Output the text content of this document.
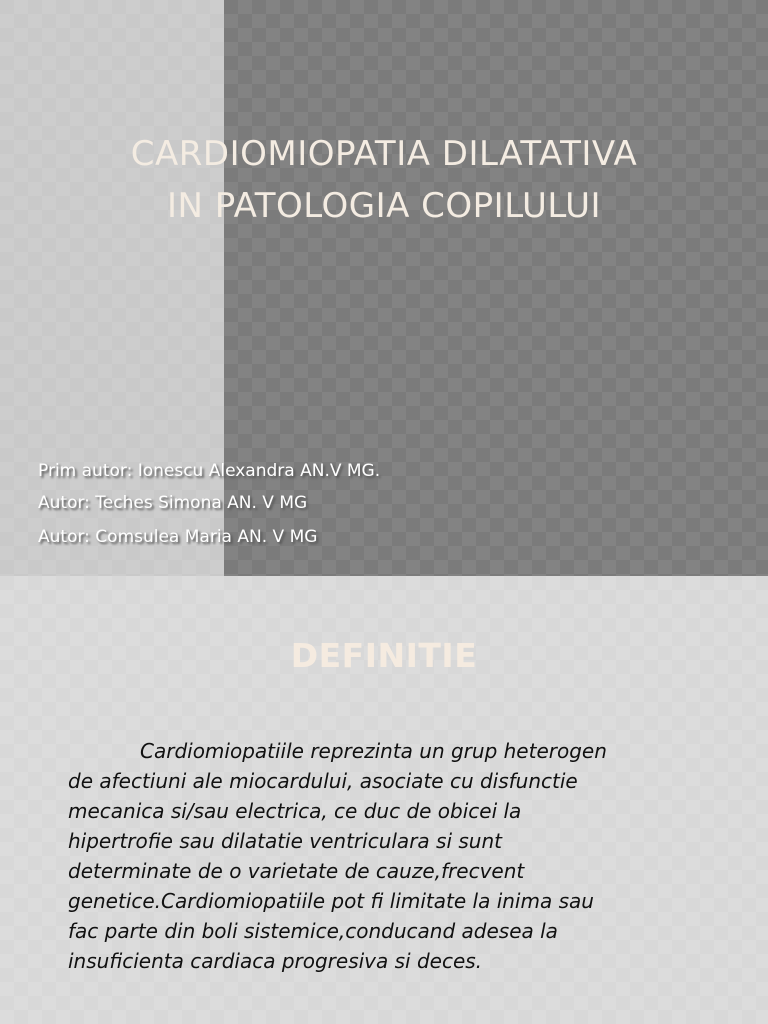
CARDIOMIOPATIA DILATATIVA
IN PATOLOGIA COPILULUI
Prim autor: Ionescu Alexandra AN.V MG.
Autor: Teches Simona AN. V MG
Autor: Comsulea Maria AN. V MG
DEFINITIE

Cardiomiopatiile reprezinta un grup heterogen
de afectiuni ale miocardului, asociate cu disfunctie
mecanica si/sau electrica, ce duc de obicei la
hipertrofie sau dilatatie ventriculara si sunt
determinate de o varietate de cauze,frecvent
genetice.Cardiomiopatiile pot fi limitate la inima sau
fac parte din boli sistemice,conducand adesea la
insuficienta cardiaca progresiva si deces.
